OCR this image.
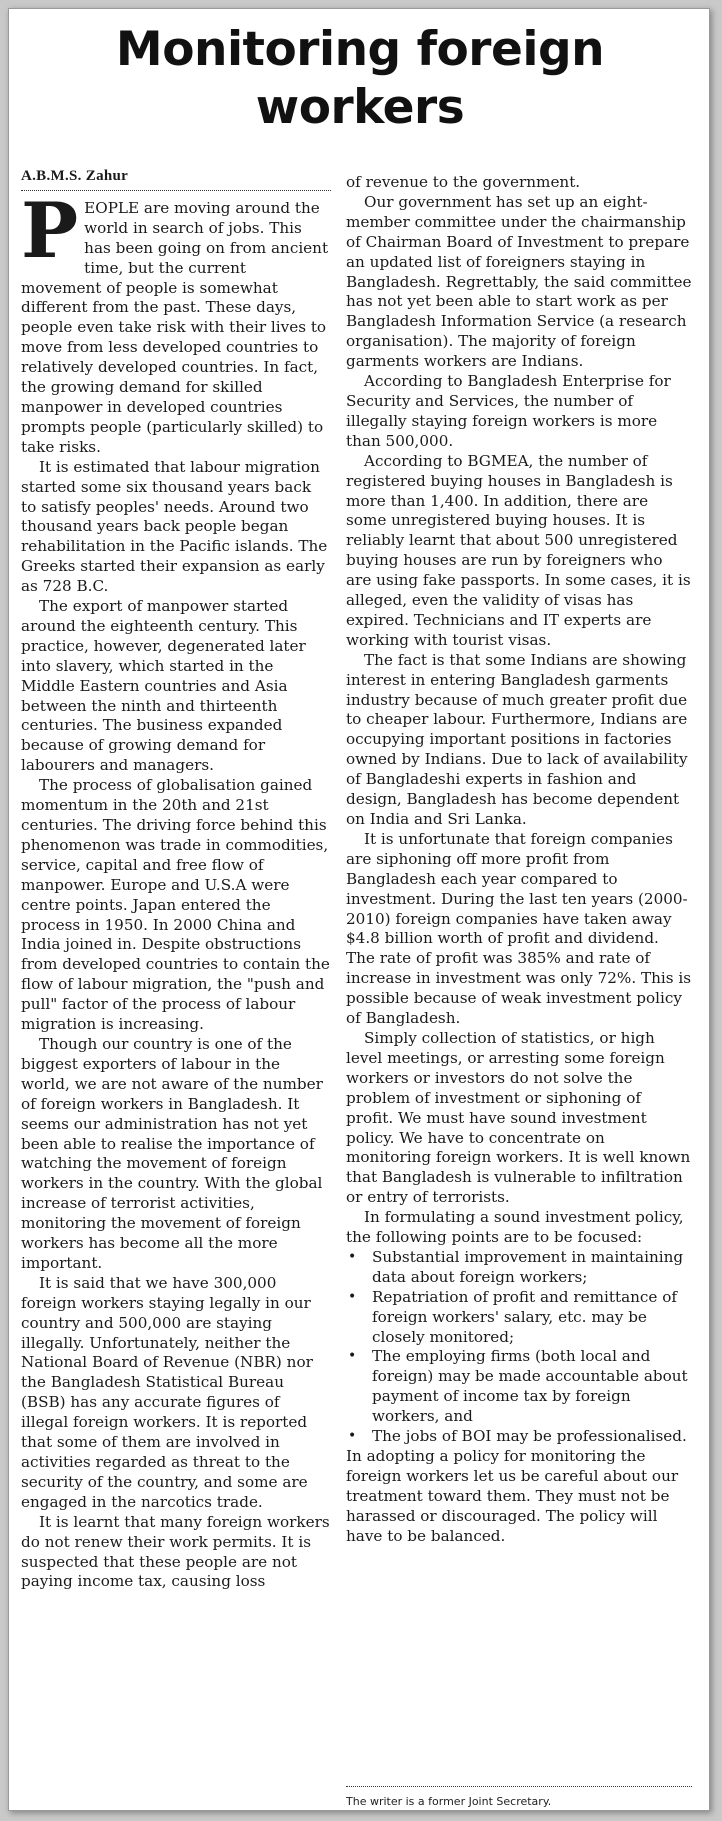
Monitoring foreign workers
A.B.M.S. Zahur

PEOPLE are moving around the world in search of jobs. This has been going on from ancient time, but the current movement of people is somewhat different from the past. These days, people even take risk with their lives to move from less developed countries to relatively developed countries. In fact, the growing demand for skilled manpower in developed countries prompts people (particularly skilled) to take risks.

It is estimated that labour migration started some six thousand years back to satisfy peoples' needs. Around two thousand years back people began rehabilitation in the Pacific islands. The Greeks started their expansion as early as 728 B.C.

The export of manpower started around the eighteenth century. This practice, however, degenerated later into slavery, which started in the Middle Eastern countries and Asia between the ninth and thirteenth centuries. The business expanded because of growing demand for labourers and managers.

The process of globalisation gained momentum in the 20th and 21st centuries. The driving force behind this phenomenon was trade in commodities, service, capital and free flow of manpower. Europe and U.S.A were centre points. Japan entered the process in 1950. In 2000 China and India joined in. Despite obstructions from developed countries to contain the flow of labour migration, the "push and pull" factor of the process of labour migration is increasing.

Though our country is one of the biggest exporters of labour in the world, we are not aware of the number of foreign workers in Bangladesh. It seems our administration has not yet been able to realise the importance of watching the movement of foreign workers in the country. With the global increase of terrorist activities, monitoring the movement of foreign workers has become all the more important.

It is said that we have 300,000 foreign workers staying legally in our country and 500,000 are staying illegally. Unfortunately, neither the National Board of Revenue (NBR) nor the Bangladesh Statistical Bureau (BSB) has any accurate figures of illegal foreign workers. It is reported that some of them are involved in activities regarded as threat to the security of the country, and some are engaged in the narcotics trade.

It is learnt that many foreign workers do not renew their work permits. It is suspected that these people are not paying income tax, causing loss

of revenue to the government.

Our government has set up an eight-member committee under the chairmanship of Chairman Board of Investment to prepare an updated list of foreigners staying in Bangladesh. Regrettably, the said committee has not yet been able to start work as per Bangladesh Information Service (a research organisation). The majority of foreign garments workers are Indians.

According to Bangladesh Enterprise for Security and Services, the number of illegally staying foreign workers is more than 500,000.

According to BGMEA, the number of registered buying houses in Bangladesh is more than 1,400. In addition, there are some unregistered buying houses. It is reliably learnt that about 500 unregistered buying houses are run by foreigners who are using fake passports. In some cases, it is alleged, even the validity of visas has expired. Technicians and IT experts are working with tourist visas.

The fact is that some Indians are showing interest in entering Bangladesh garments industry because of much greater profit due to cheaper labour. Furthermore, Indians are occupying important positions in factories owned by Indians. Due to lack of availability of Bangladeshi experts in fashion and design, Bangladesh has become dependent on India and Sri Lanka.

It is unfortunate that foreign companies are siphoning off more profit from Bangladesh each year compared to investment. During the last ten years (2000-2010) foreign companies have taken away $4.8 billion worth of profit and dividend. The rate of profit was 385% and rate of increase in investment was only 72%. This is possible because of weak investment policy of Bangladesh.

Simply collection of statistics, or high level meetings, or arresting some foreign workers or investors do not solve the problem of investment or siphoning of profit. We must have sound investment policy. We have to concentrate on monitoring foreign workers. It is well known that Bangladesh is vulnerable to infiltration or entry of terrorists.

In formulating a sound investment policy, the following points are to be focused:

• Substantial improvement in maintaining data about foreign workers;
• Repatriation of profit and remittance of foreign workers' salary, etc. may be closely monitored;
• The employing firms (both local and foreign) may be made accountable about payment of income tax by foreign workers, and
• The jobs of BOI may be professionalised.

In adopting a policy for monitoring the foreign workers let us be careful about our treatment toward them. They must not be harassed or discouraged. The policy will have to be balanced.

The writer is a former Joint Secretary.
